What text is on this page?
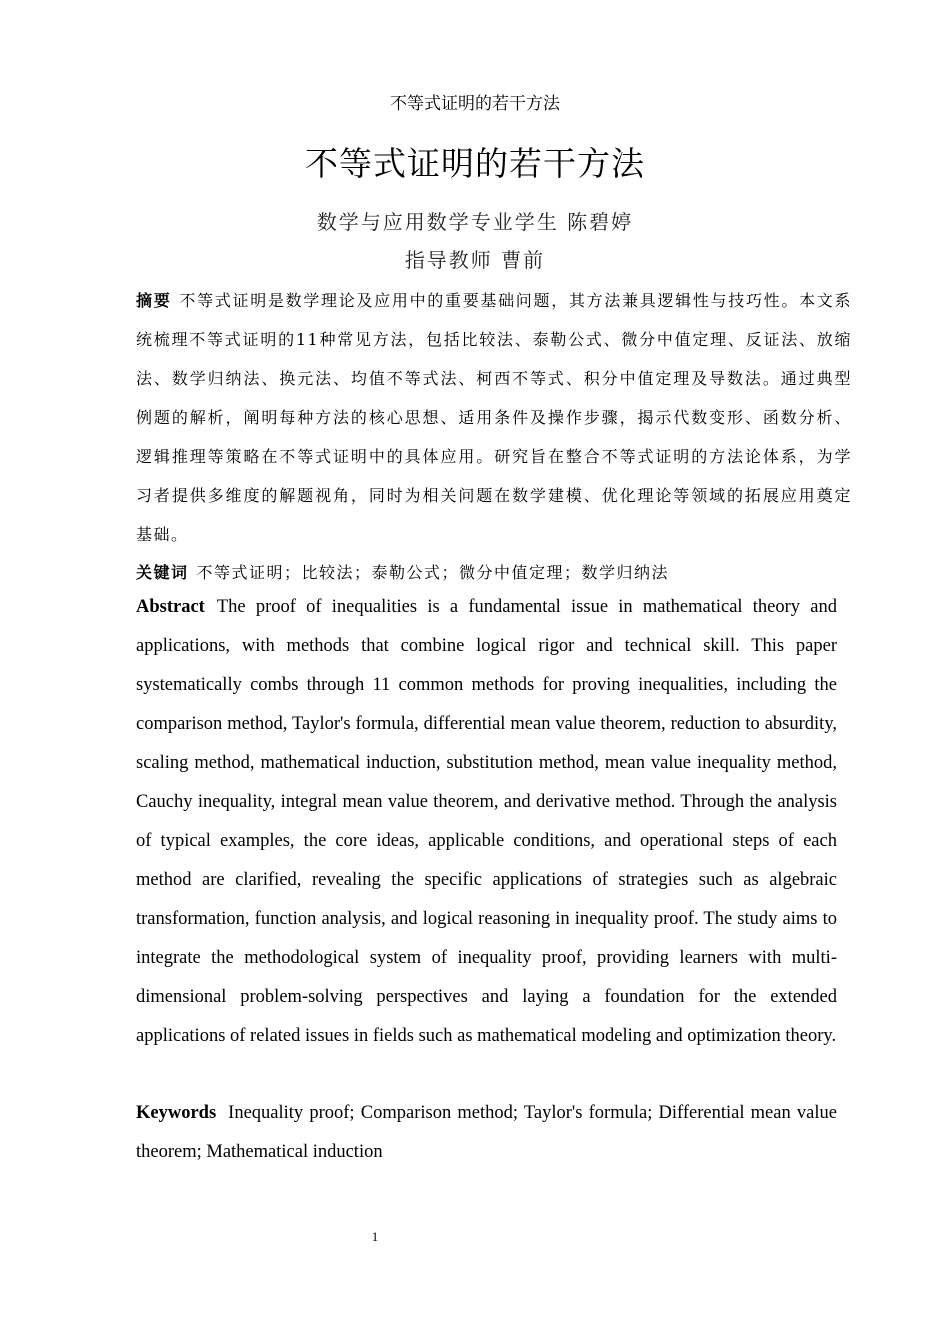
不等式证明的若干方法
不等式证明的若干方法
数学与应用数学专业学生 陈碧婷
指导教师 曹前
摘要 不等式证明是数学理论及应用中的重要基础问题，其方法兼具逻辑性与技巧性。本文系统梳理不等式证明的11种常见方法，包括比较法、泰勒公式、微分中值定理、反证法、放缩法、数学归纳法、换元法、均值不等式法、柯西不等式、积分中值定理及导数法。通过典型例题的解析，阐明每种方法的核心思想、适用条件及操作步骤，揭示代数变形、函数分析、逻辑推理等策略在不等式证明中的具体应用。研究旨在整合不等式证明的方法论体系，为学习者提供多维度的解题视角，同时为相关问题在数学建模、优化理论等领域的拓展应用奠定基础。
关键词 不等式证明；比较法；泰勒公式；微分中值定理；数学归纳法
Abstract The proof of inequalities is a fundamental issue in mathematical theory and applications, with methods that combine logical rigor and technical skill. This paper systematically combs through 11 common methods for proving inequalities, including the comparison method, Taylor's formula, differential mean value theorem, reduction to absurdity, scaling method, mathematical induction, substitution method, mean value inequality method, Cauchy inequality, integral mean value theorem, and derivative method. Through the analysis of typical examples, the core ideas, applicable conditions, and operational steps of each method are clarified, revealing the specific applications of strategies such as algebraic transformation, function analysis, and logical reasoning in inequality proof. The study aims to integrate the methodological system of inequality proof, providing learners with multi-dimensional problem-solving perspectives and laying a foundation for the extended applications of related issues in fields such as mathematical modeling and optimization theory.
Keywords Inequality proof; Comparison method; Taylor's formula; Differential mean value theorem; Mathematical induction
1
